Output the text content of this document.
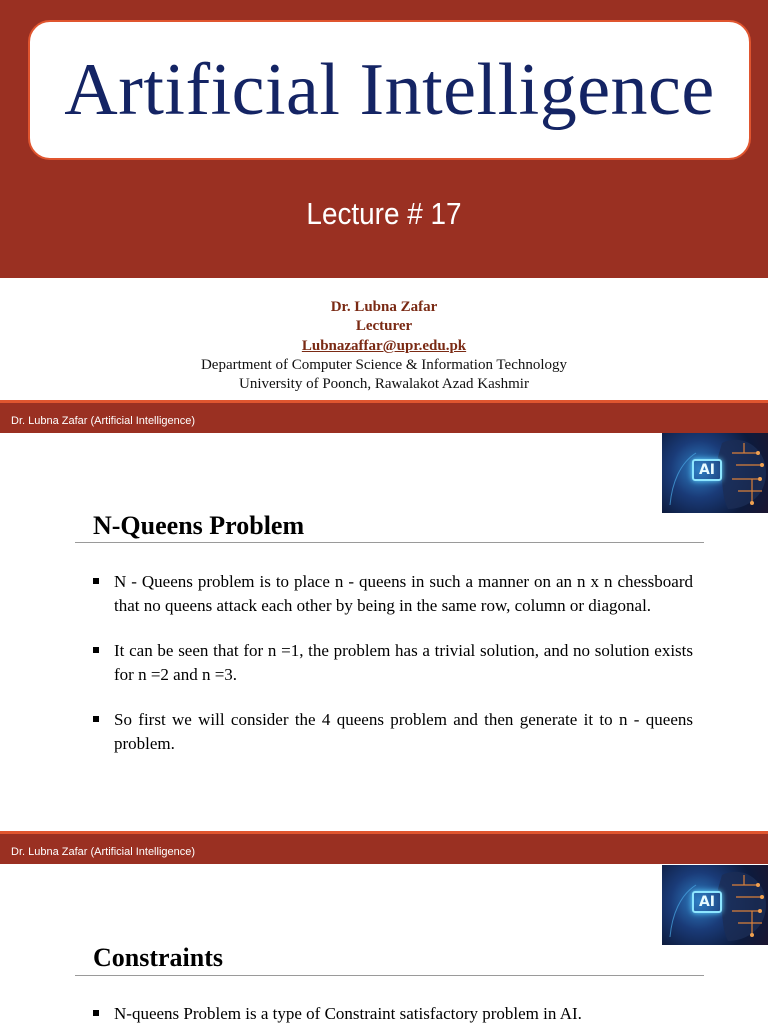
Artificial Intelligence
Lecture # 17
Dr. Lubna Zafar
Lecturer
Lubnazaffar@upr.edu.pk
Department of Computer Science & Information Technology
University of Poonch, Rawalakot Azad Kashmir
Dr. Lubna Zafar (Artificial Intelligence)
AI
N-Queens Problem
N - Queens problem is to place n - queens in such a manner on an n x n chessboard that no queens attack each other by being in the same row, column or diagonal.
It can be seen that for n =1, the problem has a trivial solution, and no solution exists for n =2 and n =3.
So first we will consider the 4 queens problem and then generate it to n - queens problem.
Dr. Lubna Zafar (Artificial Intelligence)
AI
Constraints
N-queens Problem is a type of Constraint satisfactory problem in AI.
